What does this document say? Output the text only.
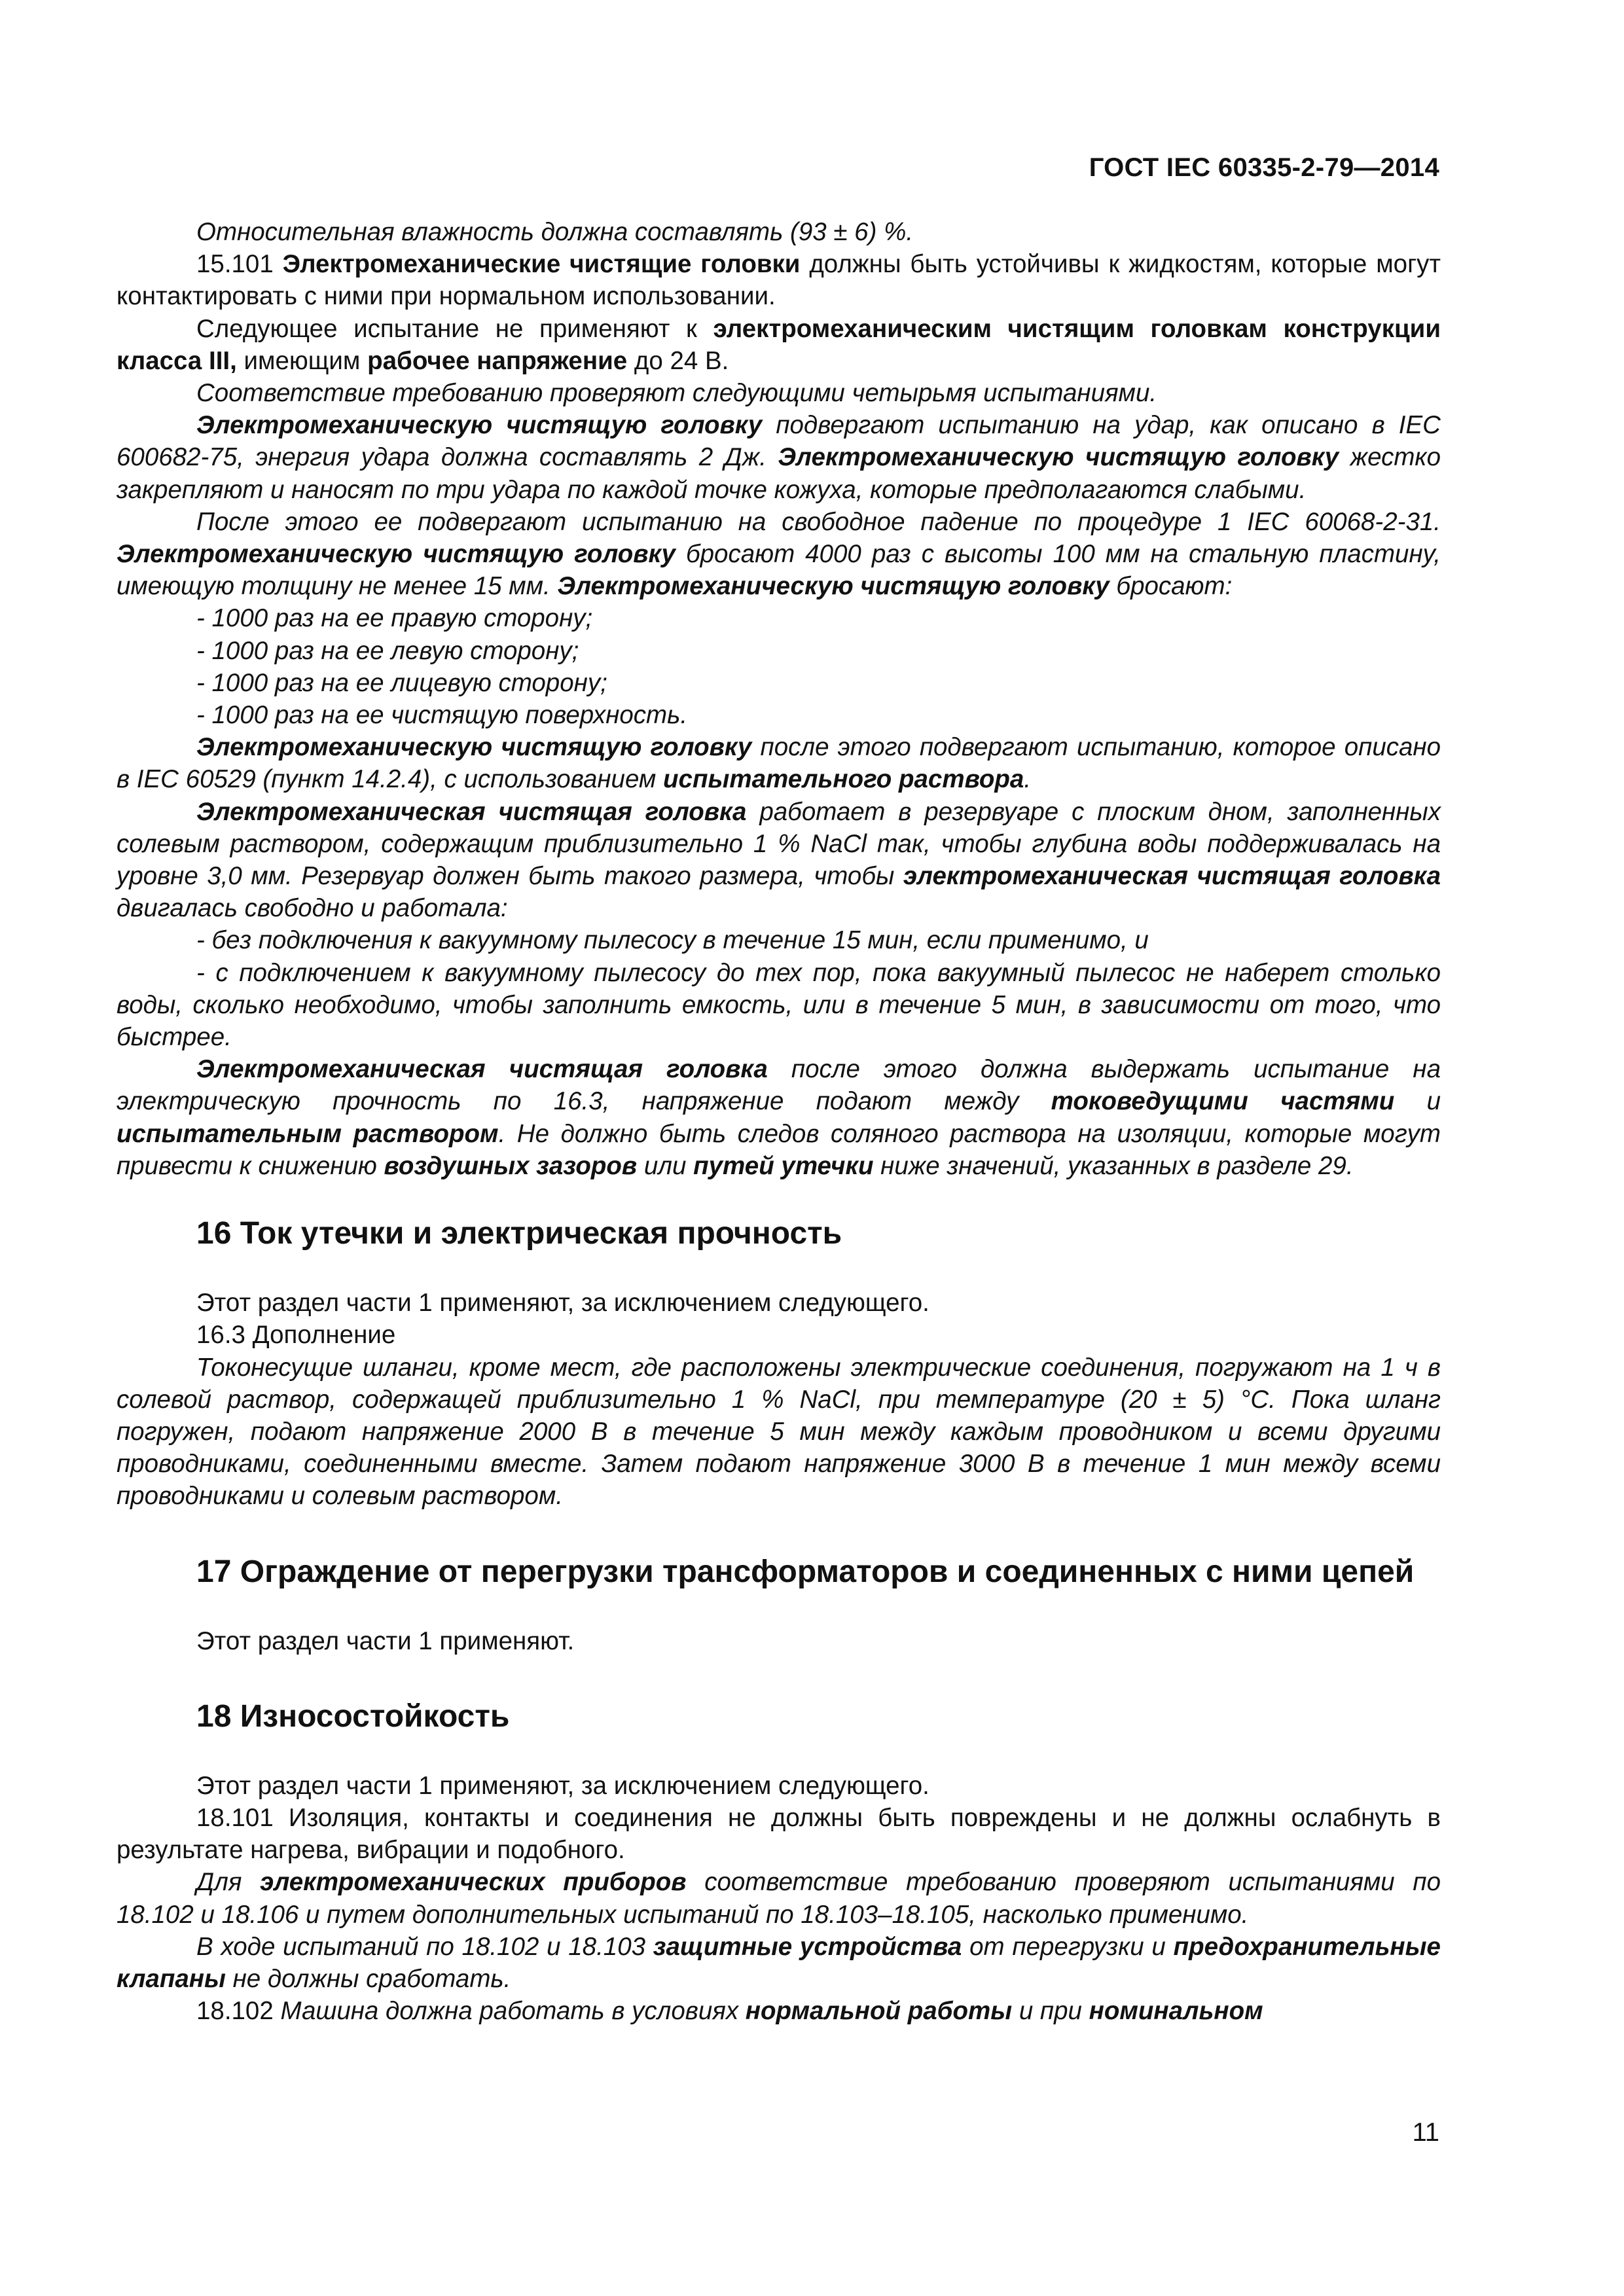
ГОСТ IEC 60335-2-79—2014

Относительная влажность должна составлять (93 ± 6) %.

15.101 Электромеханические чистящие головки должны быть устойчивы к жидкостям, которые могут контактировать с ними при нормальном использовании.

Следующее испытание не применяют к электромеханическим чистящим головкам конструкции класса III, имеющим рабочее напряжение до 24 В.

Соответствие требованию проверяют следующими четырьмя испытаниями.

Электромеханическую чистящую головку подвергают испытанию на удар, как описано в IEC 600682-75, энергия удара должна составлять 2 Дж. Электромеханическую чистящую головку жестко закрепляют и наносят по три удара по каждой точке кожуха, которые предполагаются слабыми.

После этого ее подвергают испытанию на свободное падение по процедуре 1 IEC 60068-2-31. Электромеханическую чистящую головку бросают 4000 раз с высоты 100 мм на стальную пластину, имеющую толщину не менее 15 мм. Электромеханическую чистящую головку бросают:

- 1000 раз на ее правую сторону;

- 1000 раз на ее левую сторону;

- 1000 раз на ее лицевую сторону;

- 1000 раз на ее чистящую поверхность.

Электромеханическую чистящую головку после этого подвергают испытанию, которое описано в IEC 60529 (пункт 14.2.4), с использованием испытательного раствора.

Электромеханическая чистящая головка работает в резервуаре с плоским дном, заполненных солевым раствором, содержащим приблизительно 1 % NaCl так, чтобы глубина воды поддерживалась на уровне 3,0 мм. Резервуар должен быть такого размера, чтобы электромеханическая чистящая головка двигалась свободно и работала:

- без подключения к вакуумному пылесосу в течение 15 мин, если применимо, и

- с подключением к вакуумному пылесосу до тех пор, пока вакуумный пылесос не наберет столько воды, сколько необходимо, чтобы заполнить емкость, или в течение 5 мин, в зависимости от того, что быстрее.

Электромеханическая чистящая головка после этого должна выдержать испытание на электрическую прочность по 16.3, напряжение подают между токоведущими частями и испытательным раствором. Не должно быть следов соляного раствора на изоляции, которые могут привести к снижению воздушных зазоров или путей утечки ниже значений, указанных в разделе 29.

16 Ток утечки и электрическая прочность

Этот раздел части 1 применяют, за исключением следующего.

16.3 Дополнение

Токонесущие шланги, кроме мест, где расположены электрические соединения, погружают на 1 ч в солевой раствор, содержащей приблизительно 1 % NaCl, при температуре (20 ± 5) °С. Пока шланг погружен, подают напряжение 2000 В в течение 5 мин между каждым проводником и всеми другими проводниками, соединенными вместе. Затем подают напряжение 3000 В в течение 1 мин между всеми проводниками и солевым раствором.

17 Ограждение от перегрузки трансформаторов и соединенных с ними цепей

Этот раздел части 1 применяют.

18 Износостойкость

Этот раздел части 1 применяют, за исключением следующего.

18.101 Изоляция, контакты и соединения не должны быть повреждены и не должны ослабнуть в результате нагрева, вибрации и подобного.

Для электромеханических приборов соответствие требованию проверяют испытаниями по 18.102 и 18.106 и путем дополнительных испытаний по 18.103–18.105, насколько применимо.

В ходе испытаний по 18.102 и 18.103 защитные устройства от перегрузки и предохранительные клапаны не должны сработать.

18.102 Машина должна работать в условиях нормальной работы и при номинальном

11
